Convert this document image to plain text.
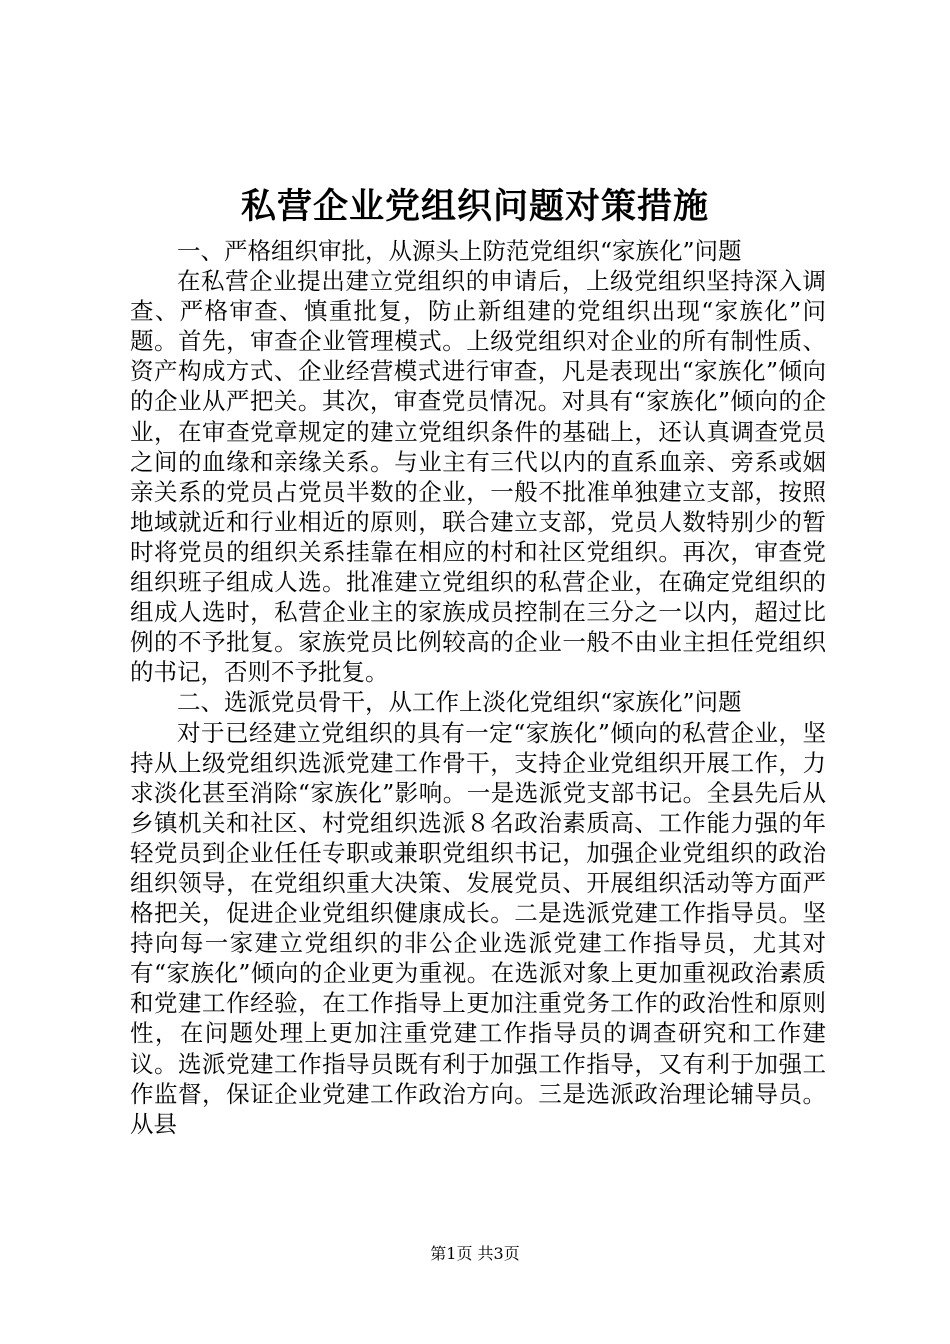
私营企业党组织问题对策措施

一、严格组织审批，从源头上防范党组织“家族化”问题

在私营企业提出建立党组织的申请后，上级党组织坚持深入调查、严格审查、慎重批复，防止新组建的党组织出现“家族化”问题。首先，审查企业管理模式。上级党组织对企业的所有制性质、资产构成方式、企业经营模式进行审查，凡是表现出“家族化”倾向的企业从严把关。其次，审查党员情况。对具有“家族化”倾向的企业，在审查党章规定的建立党组织条件的基础上，还认真调查党员之间的血缘和亲缘关系。与业主有三代以内的直系血亲、旁系或姻亲关系的党员占党员半数的企业，一般不批准单独建立支部，按照地域就近和行业相近的原则，联合建立支部，党员人数特别少的暂时将党员的组织关系挂靠在相应的村和社区党组织。再次，审查党组织班子组成人选。批准建立党组织的私营企业，在确定党组织的组成人选时，私营企业主的家族成员控制在三分之一以内，超过比例的不予批复。家族党员比例较高的企业一般不由业主担任党组织的书记，否则不予批复。

二、选派党员骨干，从工作上淡化党组织“家族化”问题

对于已经建立党组织的具有一定“家族化”倾向的私营企业，坚持从上级党组织选派党建工作骨干，支持企业党组织开展工作，力求淡化甚至消除“家族化”影响。一是选派党支部书记。全县先后从乡镇机关和社区、村党组织选派８名政治素质高、工作能力强的年轻党员到企业任任专职或兼职党组织书记，加强企业党组织的政治组织领导，在党组织重大决策、发展党员、开展组织活动等方面严格把关，促进企业党组织健康成长。二是选派党建工作指导员。坚持向每一家建立党组织的非公企业选派党建工作指导员，尤其对有“家族化”倾向的企业更为重视。在选派对象上更加重视政治素质和党建工作经验，在工作指导上更加注重党务工作的政治性和原则性，在问题处理上更加注重党建工作指导员的调查研究和工作建议。选派党建工作指导员既有利于加强工作指导，又有利于加强工作监督，保证企业党建工作政治方向。三是选派政治理论辅导员。从县

第1页 共3页
